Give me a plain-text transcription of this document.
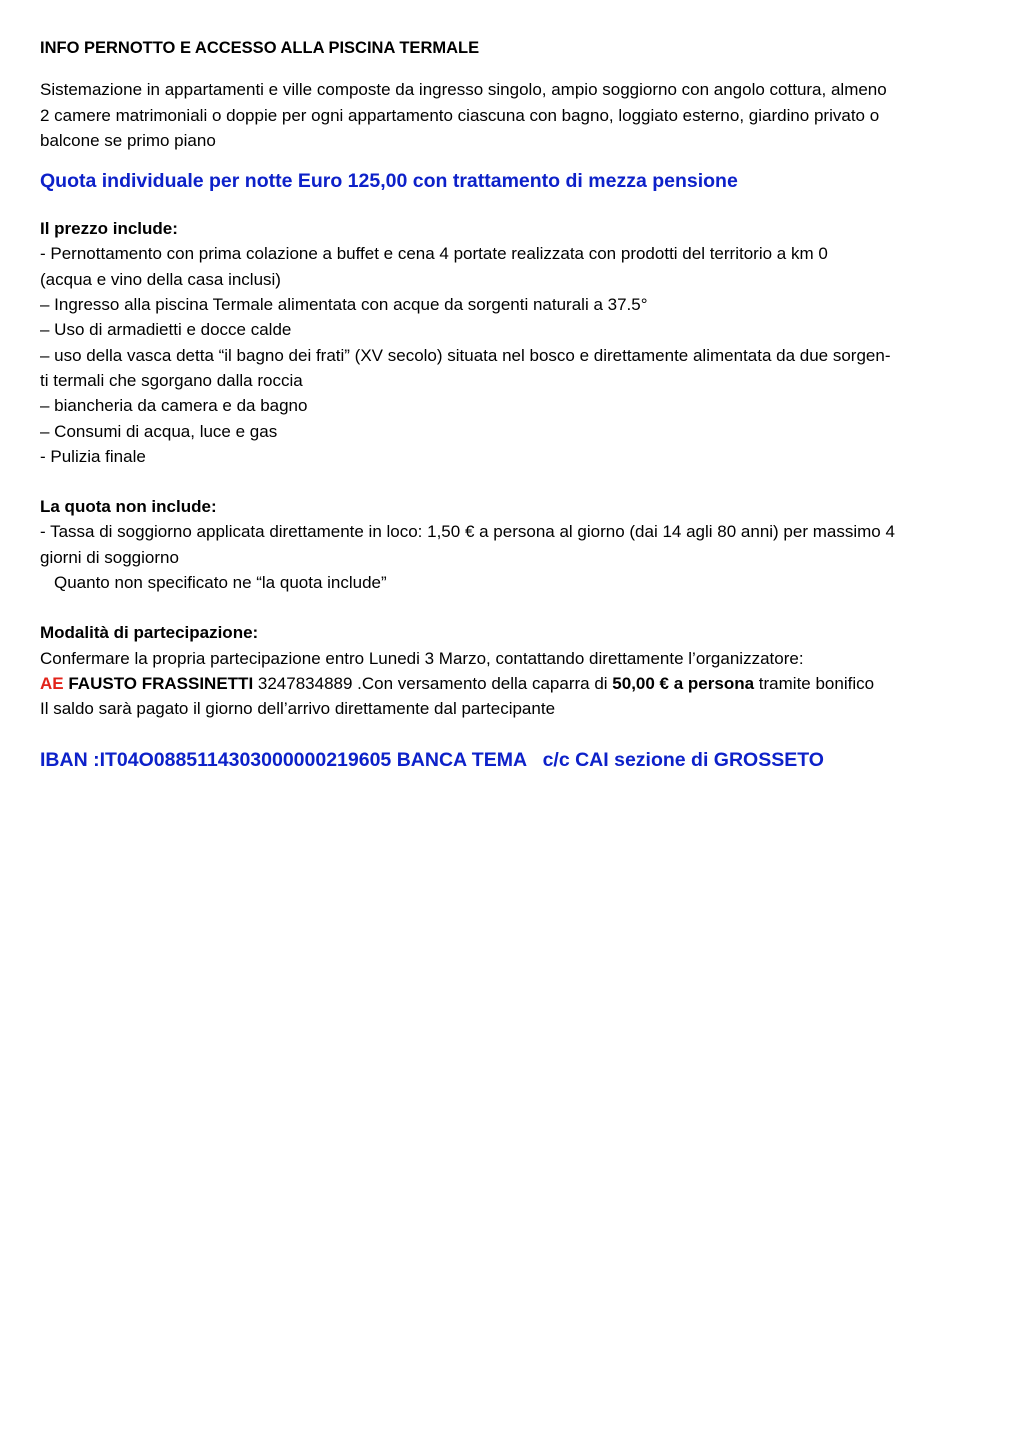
INFO PERNOTTO E ACCESSO ALLA PISCINA TERMALE
Sistemazione in appartamenti e ville composte da ingresso singolo, ampio soggiorno con angolo cottura, almeno
2 camere matrimoniali o doppie per ogni appartamento ciascuna con bagno, loggiato esterno, giardino privato o
balcone se primo piano
Quota individuale per notte Euro 125,00 con trattamento di mezza pensione
Il prezzo include:
- Pernottamento con prima colazione a buffet e cena 4 portate realizzata con prodotti del territorio a km 0
(acqua e vino della casa inclusi)
– Ingresso alla piscina Termale alimentata con acque da sorgenti naturali a 37.5°
– Uso di armadietti e docce calde
– uso della vasca detta “il bagno dei frati” (XV secolo) situata nel bosco e direttamente alimentata da due sorgen-
ti termali che sgorgano dalla roccia
– biancheria da camera e da bagno
– Consumi di acqua, luce e gas
- Pulizia finale
La quota non include:
- Tassa di soggiorno applicata direttamente in loco: 1,50 € a persona al giorno (dai 14 agli 80 anni) per massimo 4
giorni di soggiorno
Quanto non specificato ne “la quota include”
Modalità di partecipazione:
Confermare la propria partecipazione entro Lunedi 3 Marzo, contattando direttamente l’organizzatore:
AE FAUSTO FRASSINETTI 3247834889 .Con versamento della caparra di 50,00 € a persona tramite bonifico
Il saldo sarà pagato il giorno dell’arrivo direttamente dal partecipante
IBAN :IT04O0885114303000000219605 BANCA TEMA   c/c CAI sezione di GROSSETO
